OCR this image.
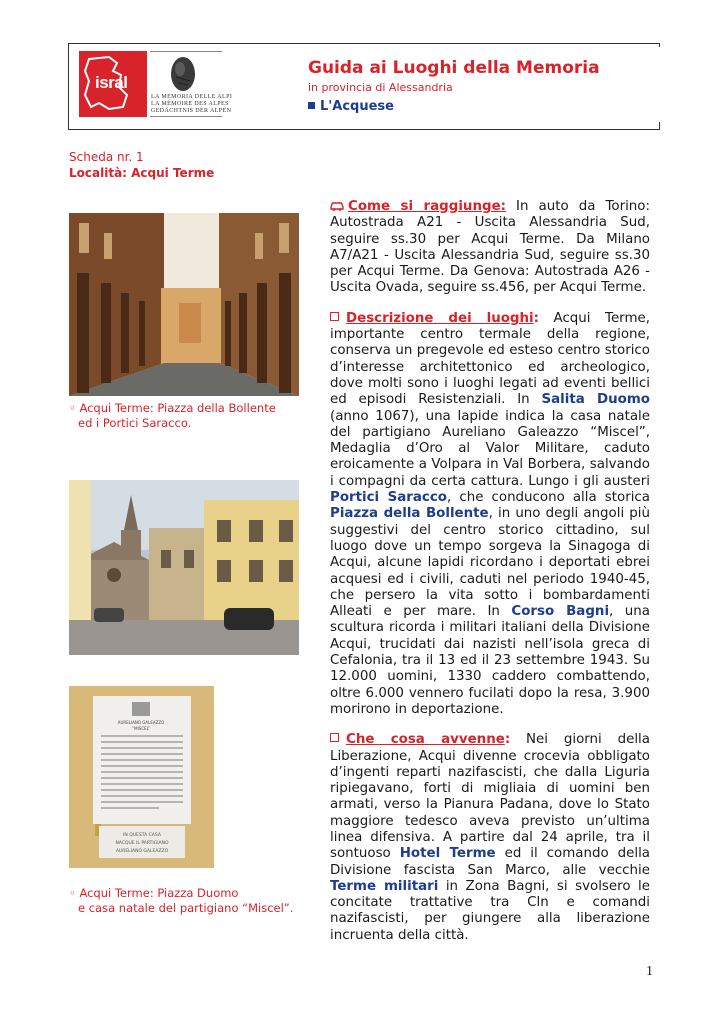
isral
LA MEMORIA DELLE ALPI
LA MÉMOIRE DES ALPES
GEDÄCHTNIS DER ALPEN
Guida ai Luoghi della Memoria
in provincia di Alessandria
L'Acquese
Scheda nr. 1
Località: Acqui Terme
◦ Acqui Terme: Piazza della Bollente
ed i Portici Saracco.
AURELIANO GALEAZZO
“MISCEL”
IN QUESTA CASA
NACQUE IL PARTIGIANO
AURELIANO GALEAZZO
◦ Acqui Terme: Piazza Duomo
e casa natale del partigiano “Miscel”.

Come si raggiunge: In auto da Torino: Autostrada A21 - Uscita Alessandria Sud, seguire ss.30 per Acqui Terme. Da Milano A7/A21 - Uscita Alessandria Sud, seguire ss.30 per Acqui Terme. Da Genova: Autostrada A26 - Uscita Ovada, seguire ss.456, per Acqui Terme.

Descrizione dei luoghi: Acqui Terme, importante centro termale della regione, conserva un pregevole ed esteso centro storico d’interesse architettonico ed archeologico, dove molti sono i luoghi legati ad eventi bellici ed episodi Resistenziali. In Salita Duomo (anno 1067), una lapide indica la casa natale del partigiano Aureliano Galeazzo “Miscel”, Medaglia d’Oro al Valor Militare, caduto eroicamente a Volpara in Val Borbera, salvando i compagni da certa cattura. Lungo i gli austeri Portici Saracco, che conducono alla storica Piazza della Bollente, in uno degli angoli più suggestivi del centro storico cittadino, sul luogo dove un tempo sorgeva la Sinagoga di Acqui, alcune lapidi ricordano i deportati ebrei acquesi ed i civili, caduti nel periodo 1940-45, che persero la vita sotto i bombardamenti Alleati e per mare. In Corso Bagni, una scultura ricorda i militari italiani della Divisione Acqui, trucidati dai nazisti nell’isola greca di Cefalonia, tra il 13 ed il 23 settembre 1943. Su 12.000 uomini, 1330 caddero combattendo, oltre 6.000 vennero fucilati dopo la resa, 3.900 morirono in deportazione.

Che cosa avvenne: Nei giorni della Liberazione, Acqui divenne crocevia obbligato d’ingenti reparti nazifascisti, che dalla Liguria ripiegavano, forti di migliaia di uomini ben armati, verso la Pianura Padana, dove lo Stato maggiore tedesco aveva previsto un’ultima linea difensiva. A partire dal 24 aprile, tra il sontuoso Hotel Terme ed il comando della Divisione fascista San Marco, alle vecchie Terme militari in Zona Bagni, si svolsero le concitate trattative tra Cln e comandi nazifascisti, per giungere alla liberazione incruenta della città.

1
